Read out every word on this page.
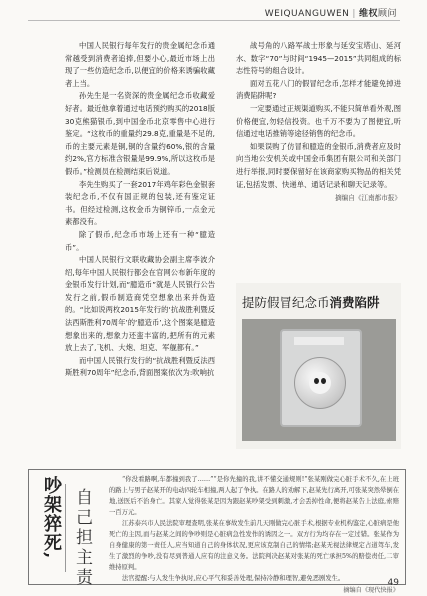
WEIQUANGUWEN | 维权顾问

中国人民银行每年发行的贵金属纪念币通常越受到消费者追捧,但要小心,最近市场上出现了一些仿造纪念币,以便宜的价格来诱骗收藏者上当。

孙先生是一名资深的贵金属纪念币收藏爱好者。最近他拿着通过电话预约购买的2018版30克熊猫银币,到中国金币北京零售中心进行鉴定。“这枚币的重量约29.8克,重量是不足的,币的主要元素是铜,铜的含量约60%,银的含量约2%,官方标准含银量是99.9%,所以这枚币是假币。”检测员在检测结束后说道。

李先生购买了一套2017年鸡年彩色金银套装纪念币,不仅有国正规的包装,还有鉴定证书。但经过检测,这枚金币为铜锌币,一点金元素都没有。

除了假币,纪念币市场上还有一种“臆造币”。

中国人民银行文联收藏协会副主席李波介绍,每年中国人民银行都会在官网公布新年度的金银币发行计划,而“臆造币”就是人民银行公告发行之前,假币制造商凭空想象出来并伪造的。“比如说两枚2015年发行的‘抗战胜利暨反法西斯胜利70周年’的‘臆造币’,这个图案是臆造想象出来的,想象力还蛮丰富的,把所有的元素放上去了,飞机、大炮、坦克、军舰都有。”

而中国人民银行发行的“抗战胜利暨反法西斯胜利70周年”纪念币,背面图案依次为:吹响抗

战号角的八路军战士形象与延安宝塔山、延河水、数字“70”与时间“1945—2015”共同组成的标志性符号的组合设计。

面对五花八门的假冒纪念币,怎样才能避免掉进消费陷阱呢?

一定要通过正规渠道购买,不能只简单看外观,图价格便宜,勿轻信投资。也千万不要为了图便宜,听信通过电话推销等途径销售的纪念币。

如果误购了仿冒和臆造的金银币,消费者应及时向当地公安机关或中国金币集团有限公司和关部门进行举报,同时要保留好在该商家购买物品的相关凭证,包括发票、快递单、通话记录和聊天记录等。

摘编自《江南都市报》

提防假冒纪念币消费陷阱
吵架猝死, 自己担主责

“你没看路啊,车都撞到我了……”“是你先撞的我,讲不懂交通规则!”张某刚做完心脏手术不久,在上班的路上与男子赵某开的电动四轮车相撞,两人起了争执。在路人的劝解下,赵某先行离开,可张某突然晕倒在地,送医后不治身亡。其家人觉得张某是因为跟赵某吵架受到刺激,才会丢掉性命,便将赵某告上法庭,索赔一百万元。

江苏泰兴市人民法院审理查明,张某在事故发生前几天刚做完心脏手术,根据专业机构鉴定,心脏病是他死亡的主因,而与赵某之间的争吵则是心脏病急性发作的诱因之一。双方行为均存在一定过错。张某作为自身健康的第一责任人,应当知道自己的身体状况,更应该克制自己的情绪;赵某无视法律规定占道驾车,发生了激烈的争吵,没有尽到普通人应有的注意义务。法院判决赵某对张某的死亡承担5%的赔偿责任,二审维持原判。

法官提醒:与人发生争执时,应心平气和妥善处理,保持冷静和理智,避免恶剧发生。

摘编自《现代快报》

49
